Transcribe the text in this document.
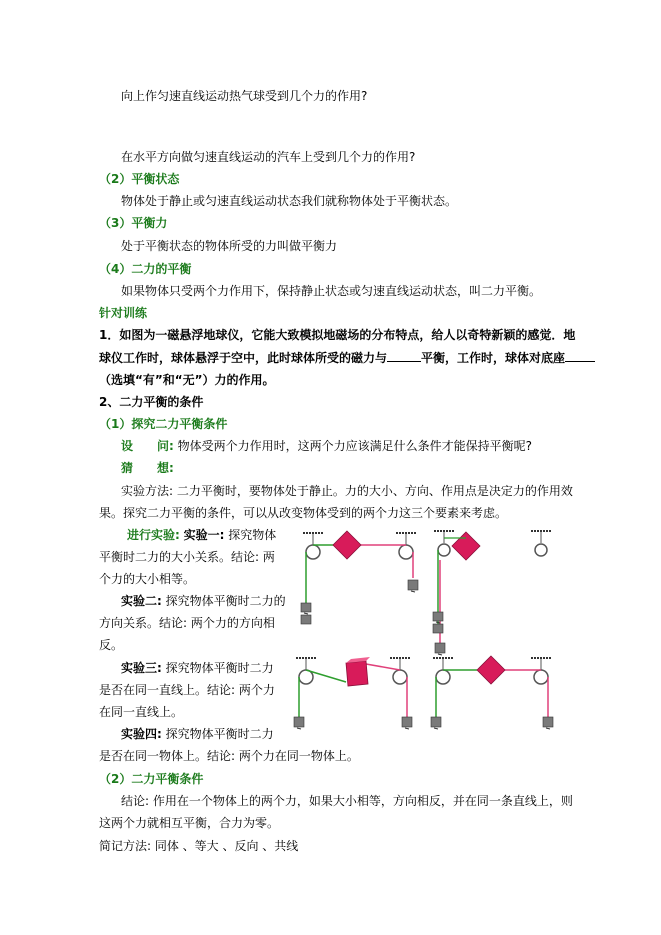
向上作匀速直线运动热气球受到几个力的作用?
在水平方向做匀速直线运动的汽车上受到几个力的作用?
（2）平衡状态
物体处于静止或匀速直线运动状态我们就称物体处于平衡状态。
（3）平衡力
处于平衡状态的物体所受的力叫做平衡力
（4）二力的平衡
如果物体只受两个力作用下，保持静止状态或匀速直线运动状态，叫二力平衡。
针对训练
1．如图为一磁悬浮地球仪，它能大致模拟地磁场的分布特点，给人以奇特新颖的感觉．地
球仪工作时，球体悬浮于空中，此时球体所受的磁力与	平衡，工作时，球体对底座
（选填“有”和“无”）力的作用。
2、二力平衡的条件
（1）探究二力平衡条件
设　　问: 物体受两个力作用时，这两个力应该满足什么条件才能保持平衡呢?
猜　　想:
实验方法: 二力平衡时，要物体处于静止。力的大小、方向、作用点是决定力的作用效
果。探究二力平衡的条件，可以从改变物体受到的两个力这三个要素来考虑。
进行实验: 实验一: 探究物体
平衡时二力的大小关系。结论: 两
个力的大小相等。
实验二: 探究物体平衡时二力的
方向关系。结论: 两个力的方向相
反。
实验三: 探究物体平衡时二力
是否在同一直线上。结论: 两个力
在同一直线上。
实验四: 探究物体平衡时二力
是否在同一物体上。结论: 两个力在同一物体上。
（2）二力平衡条件
结论: 作用在一个物体上的两个力，如果大小相等，方向相反，并在同一条直线上，则
这两个力就相互平衡，合力为零。
简记方法: 同体 、等大 、反向 、共线
